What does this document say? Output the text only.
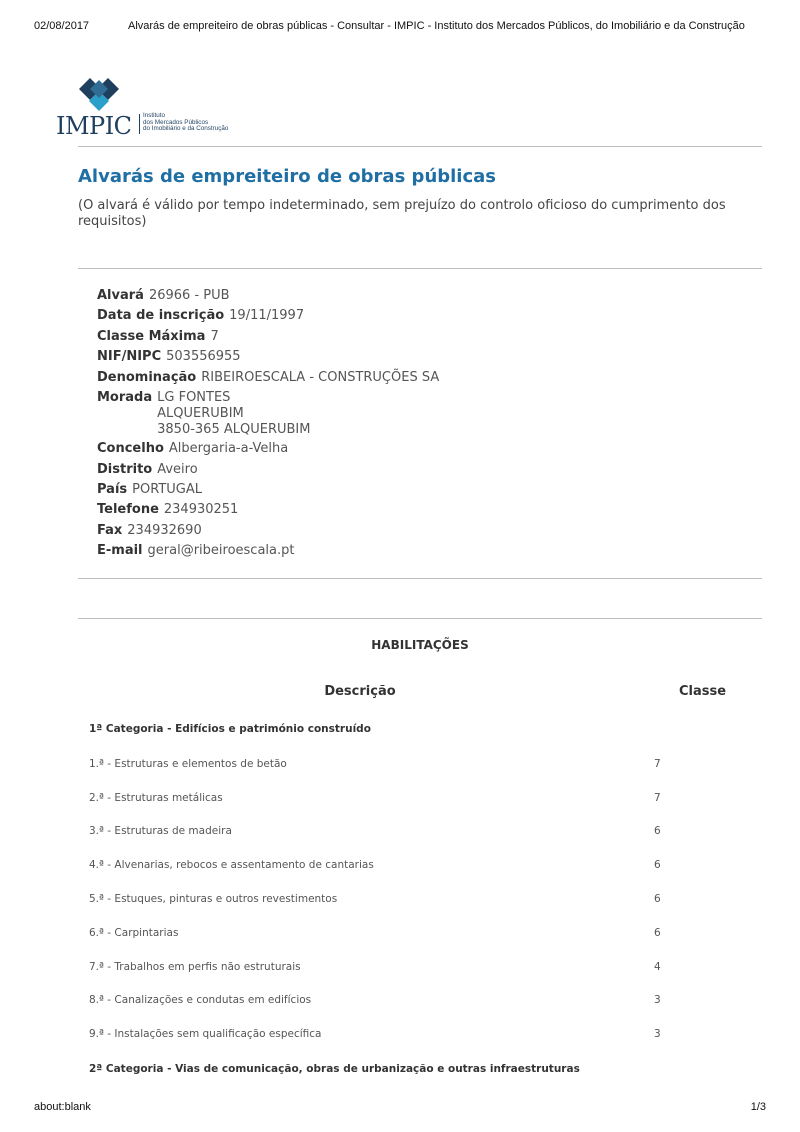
02/08/2017	Alvarás de empreiteiro de obras públicas - Consultar - IMPIC - Instituto dos Mercados Públicos, do Imobiliário e da Construção
IMPIC Instituto
dos Mercados Públicos
do Imobiliário e da Construção
Alvarás de empreiteiro de obras públicas

(O alvará é válido por tempo indeterminado, sem prejuízo do controlo oficioso do cumprimento dos requisitos)

Alvará 26966 - PUB
Data de inscrição 19/11/1997
Classe Máxima 7
NIF/NIPC 503556955
Denominação RIBEIROESCALA - CONSTRUÇÕES SA
Morada LG FONTES
ALQUERUBIM
3850-365 ALQUERUBIM
Concelho Albergaria-a-Velha
Distrito Aveiro
País PORTUGAL
Telefone 234930251
Fax 234932690
E-mail geral@ribeiroescala.pt
HABILITAÇÕES
Descrição	Classe
1ª Categoria - Edifícios e património construído
1.ª - Estruturas e elementos de betão	7
2.ª - Estruturas metálicas	7
3.ª - Estruturas de madeira	6
4.ª - Alvenarias, rebocos e assentamento de cantarias	6
5.ª - Estuques, pinturas e outros revestimentos	6
6.ª - Carpintarias	6
7.ª - Trabalhos em perfis não estruturais	4
8.ª - Canalizações e condutas em edifícios	3
9.ª - Instalações sem qualificação específica	3
2ª Categoria - Vias de comunicação, obras de urbanização e outras infraestruturas
about:blank	1/3
